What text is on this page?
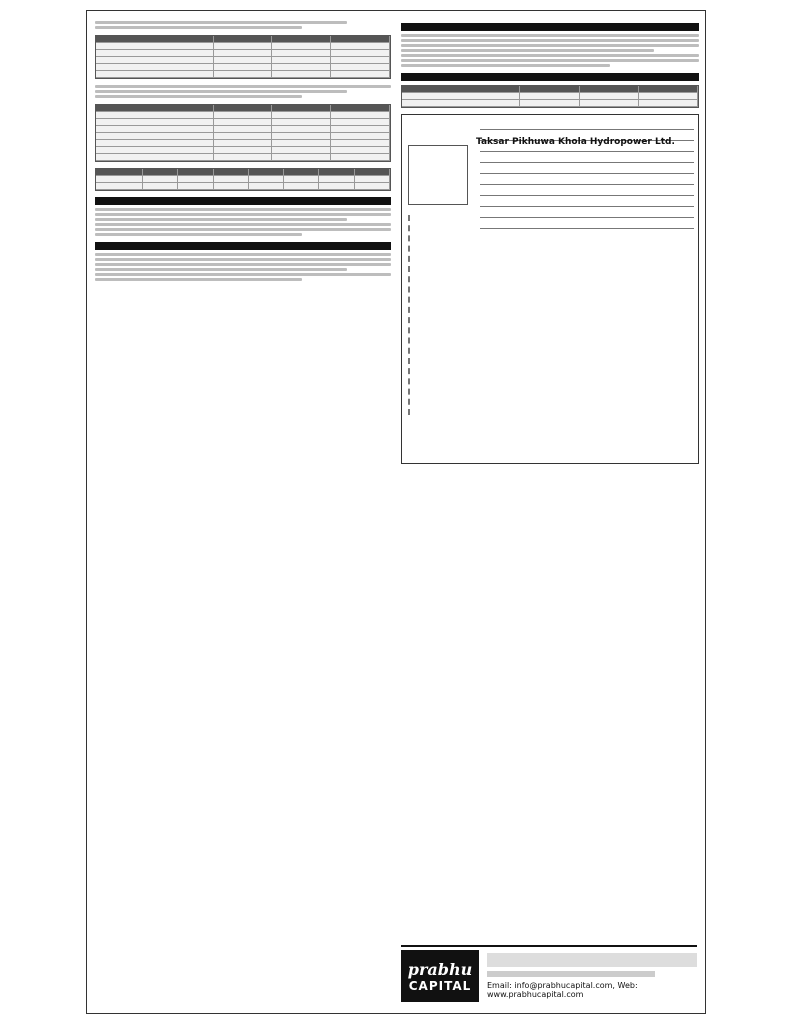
Taksar Pikhuwa Khola Hydropower Ltd.
prabhu
CAPITAL Email: info@prabhucapital.com, Web: www.prabhucapital.com
